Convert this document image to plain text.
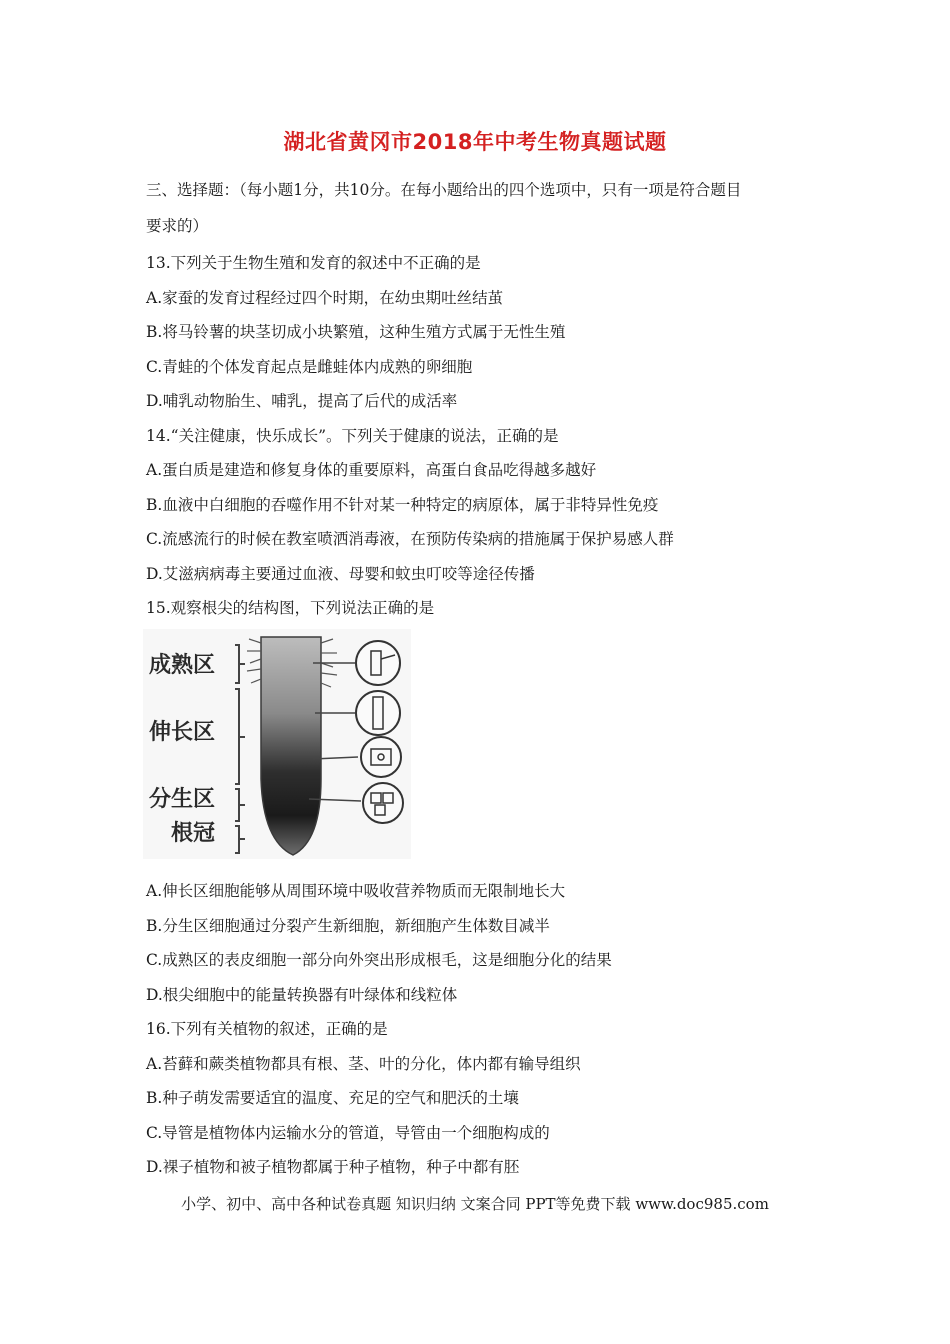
湖北省黄冈市2018年中考生物真题试题
三、选择题：（每小题1分，共10分。在每小题给出的四个选项中，只有一项是符合题目
要求的）
13.下列关于生物生殖和发育的叙述中不正确的是
A.家蚕的发育过程经过四个时期，在幼虫期吐丝结茧
B.将马铃薯的块茎切成小块繁殖，这种生殖方式属于无性生殖
C.青蛙的个体发育起点是雌蛙体内成熟的卵细胞
D.哺乳动物胎生、哺乳，提高了后代的成活率
14.“关注健康，快乐成长”。下列关于健康的说法，正确的是
A.蛋白质是建造和修复身体的重要原料，高蛋白食品吃得越多越好
B.血液中白细胞的吞噬作用不针对某一种特定的病原体，属于非特异性免疫
C.流感流行的时候在教室喷洒消毒液，在预防传染病的措施属于保护易感人群
D.艾滋病病毒主要通过血液、母婴和蚊虫叮咬等途径传播
15.观察根尖的结构图，下列说法正确的是
成熟区
伸长区
分生区
根冠
A.伸长区细胞能够从周围环境中吸收营养物质而无限制地长大
B.分生区细胞通过分裂产生新细胞，新细胞产生体数目减半
C.成熟区的表皮细胞一部分向外突出形成根毛，这是细胞分化的结果
D.根尖细胞中的能量转换器有叶绿体和线粒体
16.下列有关植物的叙述，正确的是
A.苔藓和蕨类植物都具有根、茎、叶的分化，体内都有输导组织
B.种子萌发需要适宜的温度、充足的空气和肥沃的土壤
C.导管是植物体内运输水分的管道，导管由一个细胞构成的
D.裸子植物和被子植物都属于种子植物，种子中都有胚
小学、初中、高中各种试卷真题 知识归纳 文案合同 PPT等免费下载 www.doc985.com
